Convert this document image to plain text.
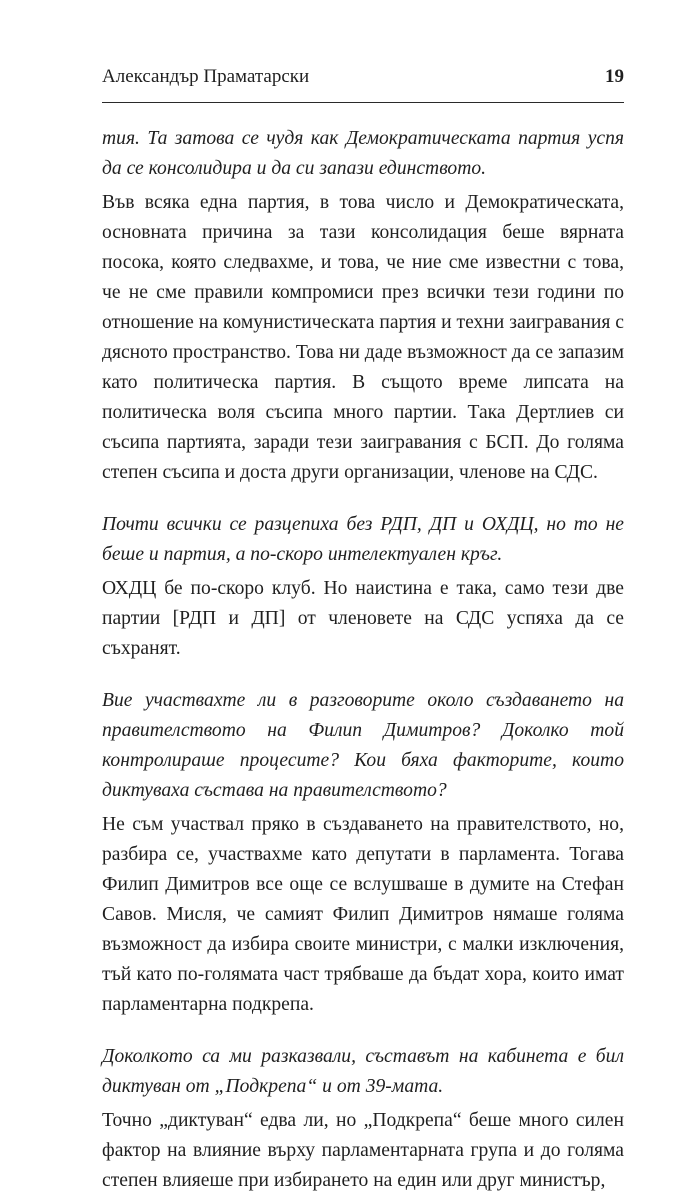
Александър Праматарски	19

тия. Та затова се чудя как Демократическата партия успя да се консолидира и да си запази единството.

Във всяка една партия, в това число и Демократическата, основната причина за тази консолидация беше вярната посока, която следвахме, и това, че ние сме известни с това, че не сме правили компромиси през всички тези години по отношение на комунистическата партия и техни заигравания с дясното пространство. Това ни даде възможност да се запазим като политическа партия. В същото време липсата на политическа воля съсипа много партии. Така Дертлиев си съсипа партията, заради тези заигравания с БСП. До голяма степен съсипа и доста други организации, членове на СДС.

Почти всички се разцепиха без РДП, ДП и ОХДЦ, но то не беше и партия, а по-скоро интелектуален кръг.

ОХДЦ бе по-скоро клуб. Но наистина е така, само тези две партии [РДП и ДП] от членовете на СДС успяха да се съхранят.

Вие участвахте ли в разговорите около създаването на правителството на Филип Димитров? Доколко той контролираше процесите? Кои бяха факторите, които диктуваха състава на правителството?

Не съм участвал пряко в създаването на правителството, но, разбира се, участвахме като депутати в парламента. Тогава Филип Димитров все още се вслушваше в думите на Стефан Савов. Мисля, че самият Филип Димитров нямаше голяма възможност да избира своите министри, с малки изключения, тъй като по-голямата част трябваше да бъдат хора, които имат парламентарна подкрепа.

Доколкото са ми разказвали, съставът на кабинета е бил диктуван от „Подкрепа“ и от 39-мата.

Точно „диктуван“ едва ли, но „Подкрепа“ беше много силен фактор на влияние върху парламентарната група и до голяма степен влияеше при избирането на един или друг министър,
